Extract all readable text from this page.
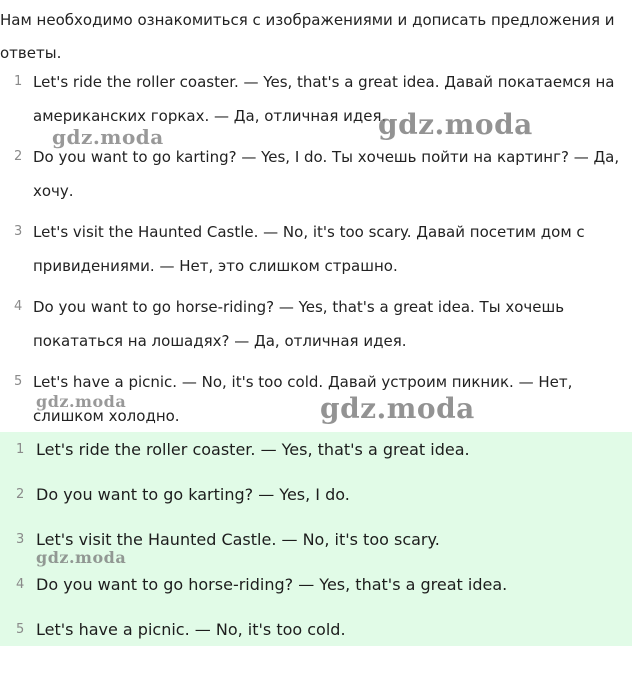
Нам необходимо ознакомиться с изображениями и дописать предложения и ответы.
1 Let's ride the roller coaster. — Yes, that's a great idea. Давай покатаемся на американских горках. — Да, отличная идея.
2 Do you want to go karting? — Yes, I do. Ты хочешь пойти на картинг? — Да, хочу.
3 Let's visit the Haunted Castle. — No, it's too scary. Давай посетим дом с привидениями. — Нет, это слишком страшно.
4 Do you want to go horse-riding? — Yes, that's a great idea. Ты хочешь покататься на лошадях? — Да, отличная идея.
5 Let's have a picnic. — No, it's too cold. Давай устроим пикник. — Нет, слишком холодно.
1 Let's ride the roller coaster. — Yes, that's a great idea.
2 Do you want to go karting? — Yes, I do.
3 Let's visit the Haunted Castle. — No, it's too scary.
4 Do you want to go horse-riding? — Yes, that's a great idea.
5 Let's have a picnic. — No, it's too cold.
gdz.moda	gdz.moda
gdz.moda	gdz.moda
gdz.moda
